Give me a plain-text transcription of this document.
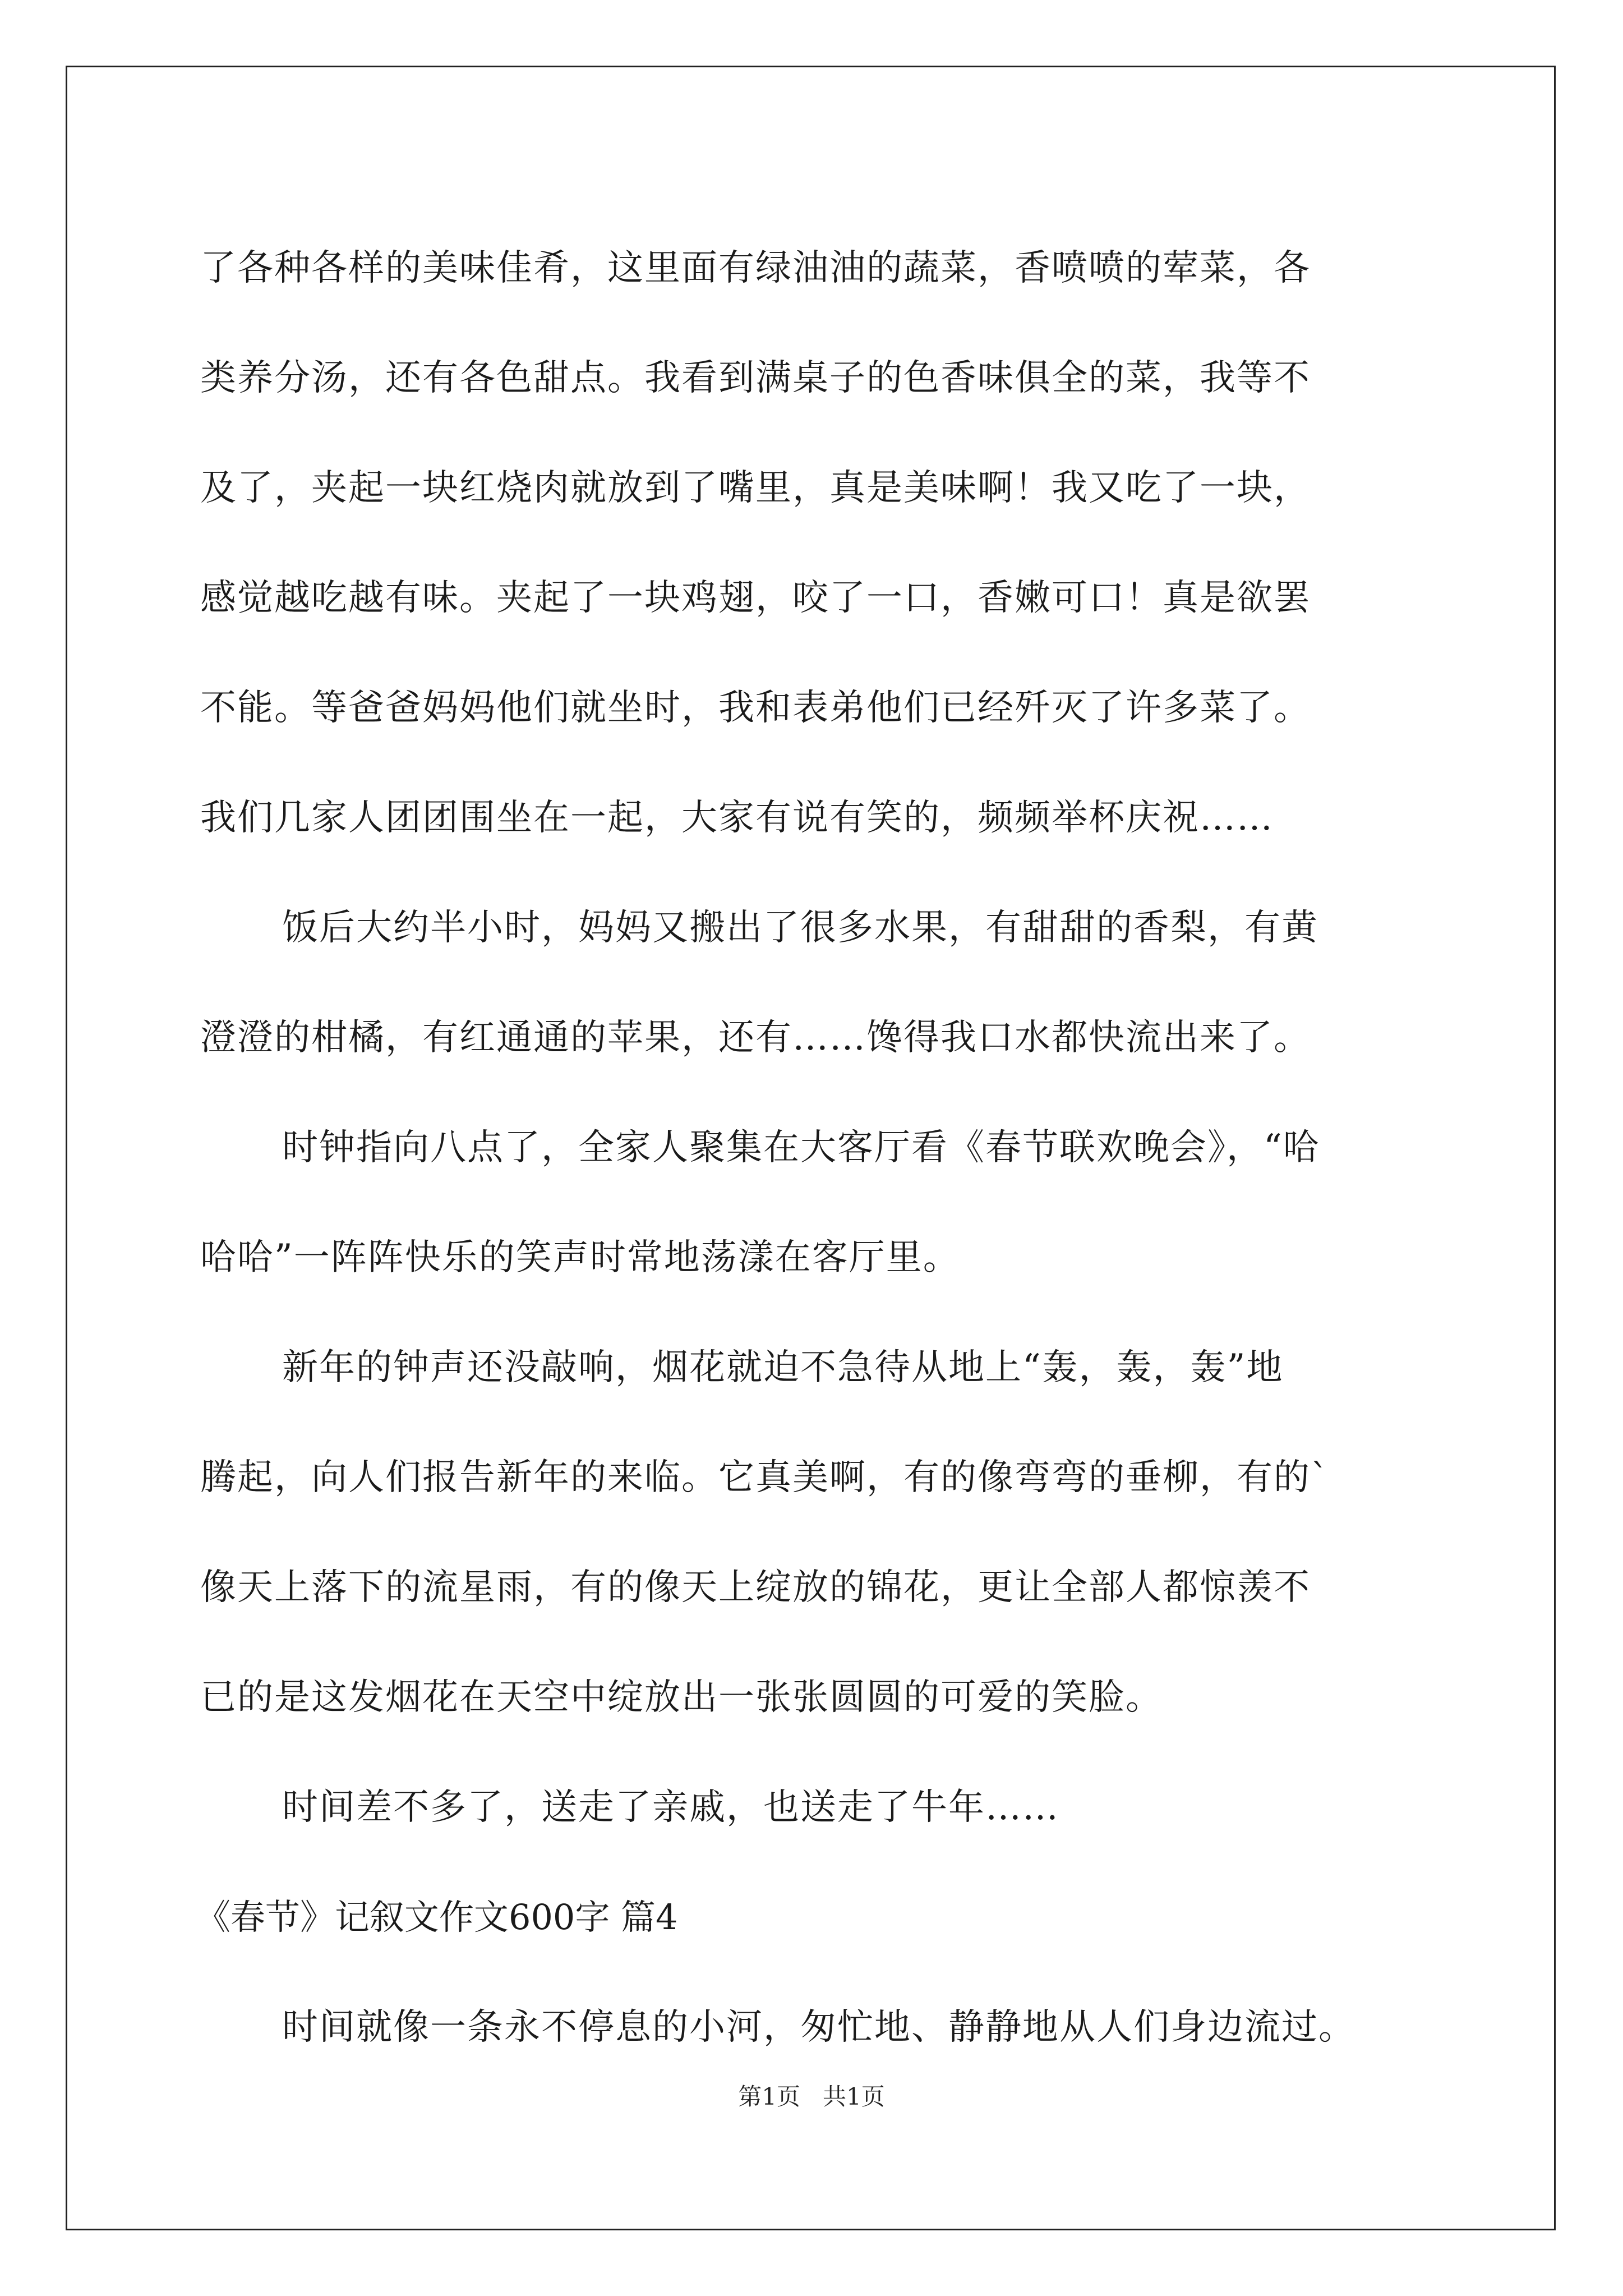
了各种各样的美味佳肴，这里面有绿油油的蔬菜，香喷喷的荤菜，各
类养分汤，还有各色甜点。我看到满桌子的色香味俱全的菜，我等不
及了，夹起一块红烧肉就放到了嘴里，真是美味啊！我又吃了一块，
感觉越吃越有味。夹起了一块鸡翅，咬了一口，香嫩可口！真是欲罢
不能。等爸爸妈妈他们就坐时，我和表弟他们已经歼灭了许多菜了。
我们几家人团团围坐在一起，大家有说有笑的，频频举杯庆祝……
饭后大约半小时，妈妈又搬出了很多水果，有甜甜的香梨，有黄
澄澄的柑橘，有红通通的苹果，还有……馋得我口水都快流出来了。
时钟指向八点了，全家人聚集在大客厅看《春节联欢晚会》，“哈
哈哈”一阵阵快乐的笑声时常地荡漾在客厅里。
新年的钟声还没敲响，烟花就迫不急待从地上“轰，轰，轰”地
腾起，向人们报告新年的来临。它真美啊，有的像弯弯的垂柳，有的`
像天上落下的流星雨，有的像天上绽放的锦花，更让全部人都惊羡不
已的是这发烟花在天空中绽放出一张张圆圆的可爱的笑脸。
时间差不多了，送走了亲戚，也送走了牛年……
《春节》记叙文作文600字 篇4
时间就像一条永不停息的小河，匆忙地、静静地从人们身边流过。
第1页 共1页
